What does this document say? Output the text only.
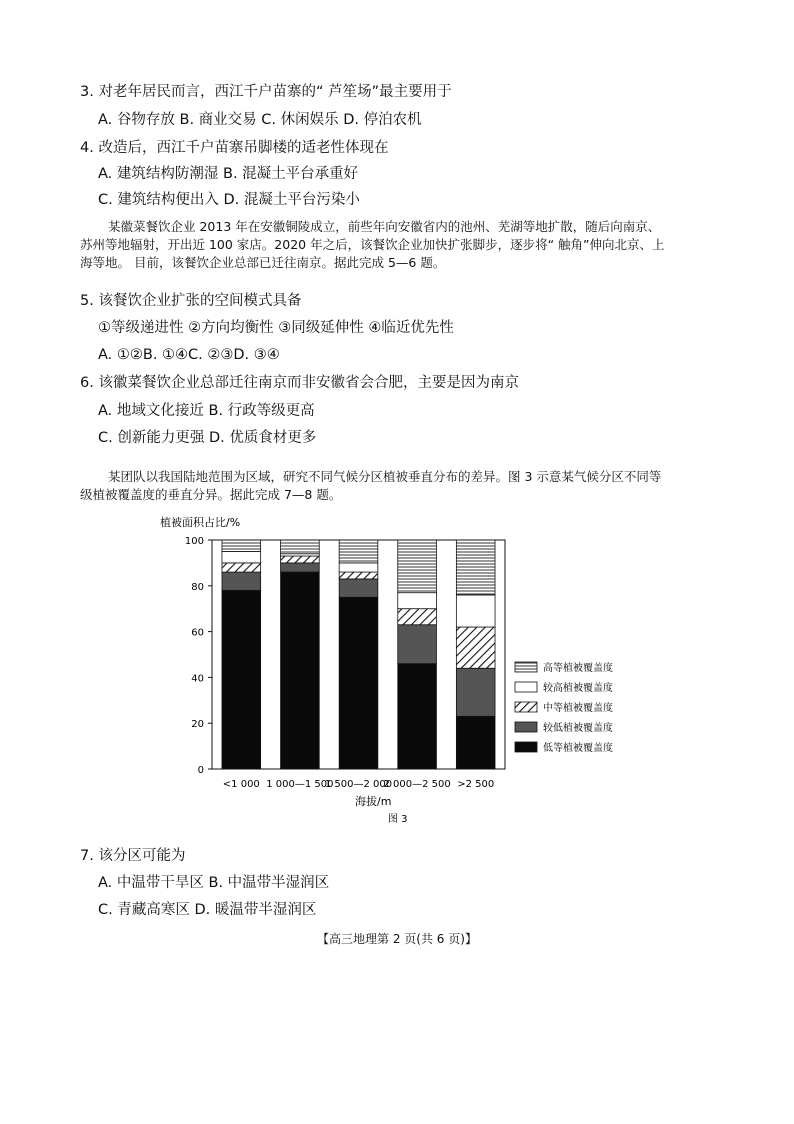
3. 对老年居民而言，西江千户苗寨的“ 芦笙场”最主要用于
A. 谷物存放 B. 商业交易 C. 休闲娱乐 D. 停泊农机
4. 改造后，西江千户苗寨吊脚楼的适老性体现在
A. 建筑结构防潮湿 B. 混凝土平台承重好
C. 建筑结构便出入 D. 混凝土平台污染小
某徽菜餐饮企业 2013 年在安徽铜陵成立，前些年向安徽省内的池州、芜湖等地扩散，随后向南京、
苏州等地辐射，开出近 100 家店。2020 年之后，该餐饮企业加快扩张脚步，逐步将“ 触角”伸向北京、上
海等地。 目前，该餐饮企业总部已迁往南京。据此完成 5—6 题。
5. 该餐饮企业扩张的空间模式具备
①等级递进性 ②方向均衡性 ③同级延伸性 ④临近优先性
A. ①②B. ①④C. ②③D. ③④
6. 该徽菜餐饮企业总部迁往南京而非安徽省会合肥，主要是因为南京
A. 地域文化接近 B. 行政等级更高
C. 创新能力更强 D. 优质食材更多
某团队以我国陆地范围为区域，研究不同气候分区植被垂直分布的差异。图 3 示意某气候分区不同等
级植被覆盖度的垂直分异。据此完成 7—8 题。
植被面积占比/%
0
20
40
60
80
100
<1 000 1 000—1 500
1 500—2 000
2 000—2 500 >2 500
高等植被覆盖度
较高植被覆盖度
中等植被覆盖度
较低植被覆盖度
低等植被覆盖度
海拔/m
图 3
7. 该分区可能为
A. 中温带干旱区 B. 中温带半湿润区
C. 青藏高寒区 D. 暖温带半湿润区
【高三地理第 2 页(共 6 页)】
